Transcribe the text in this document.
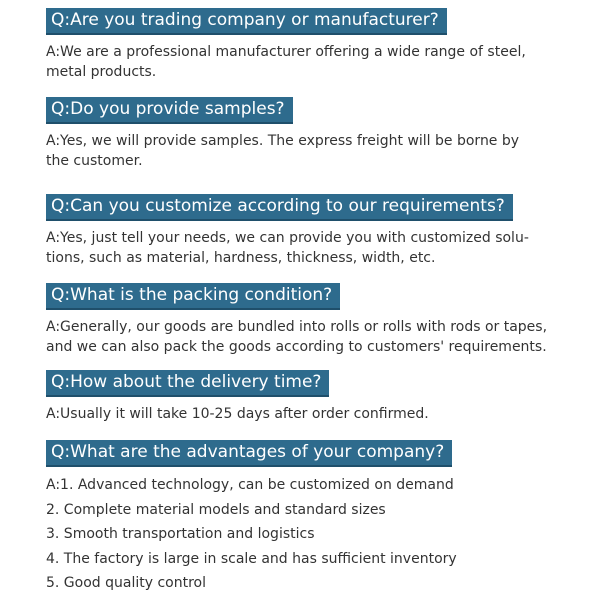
Q:Are you trading company or manufacturer?

A:We are a professional manufacturer offering a wide range of steel,

metal products.

Q:Do you provide samples?

A:Yes, we will provide samples. The express freight will be borne by

the customer.

Q:Can you customize according to our requirements?

A:Yes, just tell your needs, we can provide you with customized solu-

tions, such as material, hardness, thickness, width, etc.

Q:What is the packing condition?

A:Generally, our goods are bundled into rolls or rolls with rods or tapes,

and we can also pack the goods according to customers' requirements.

Q:How about the delivery time?

A:Usually it will take 10-25 days after order confirmed.

Q:What are the advantages of your company?

A:1. Advanced technology, can be customized on demand

2. Complete material models and standard sizes

3. Smooth transportation and logistics

4. The factory is large in scale and has sufficient inventory

5. Good quality control
